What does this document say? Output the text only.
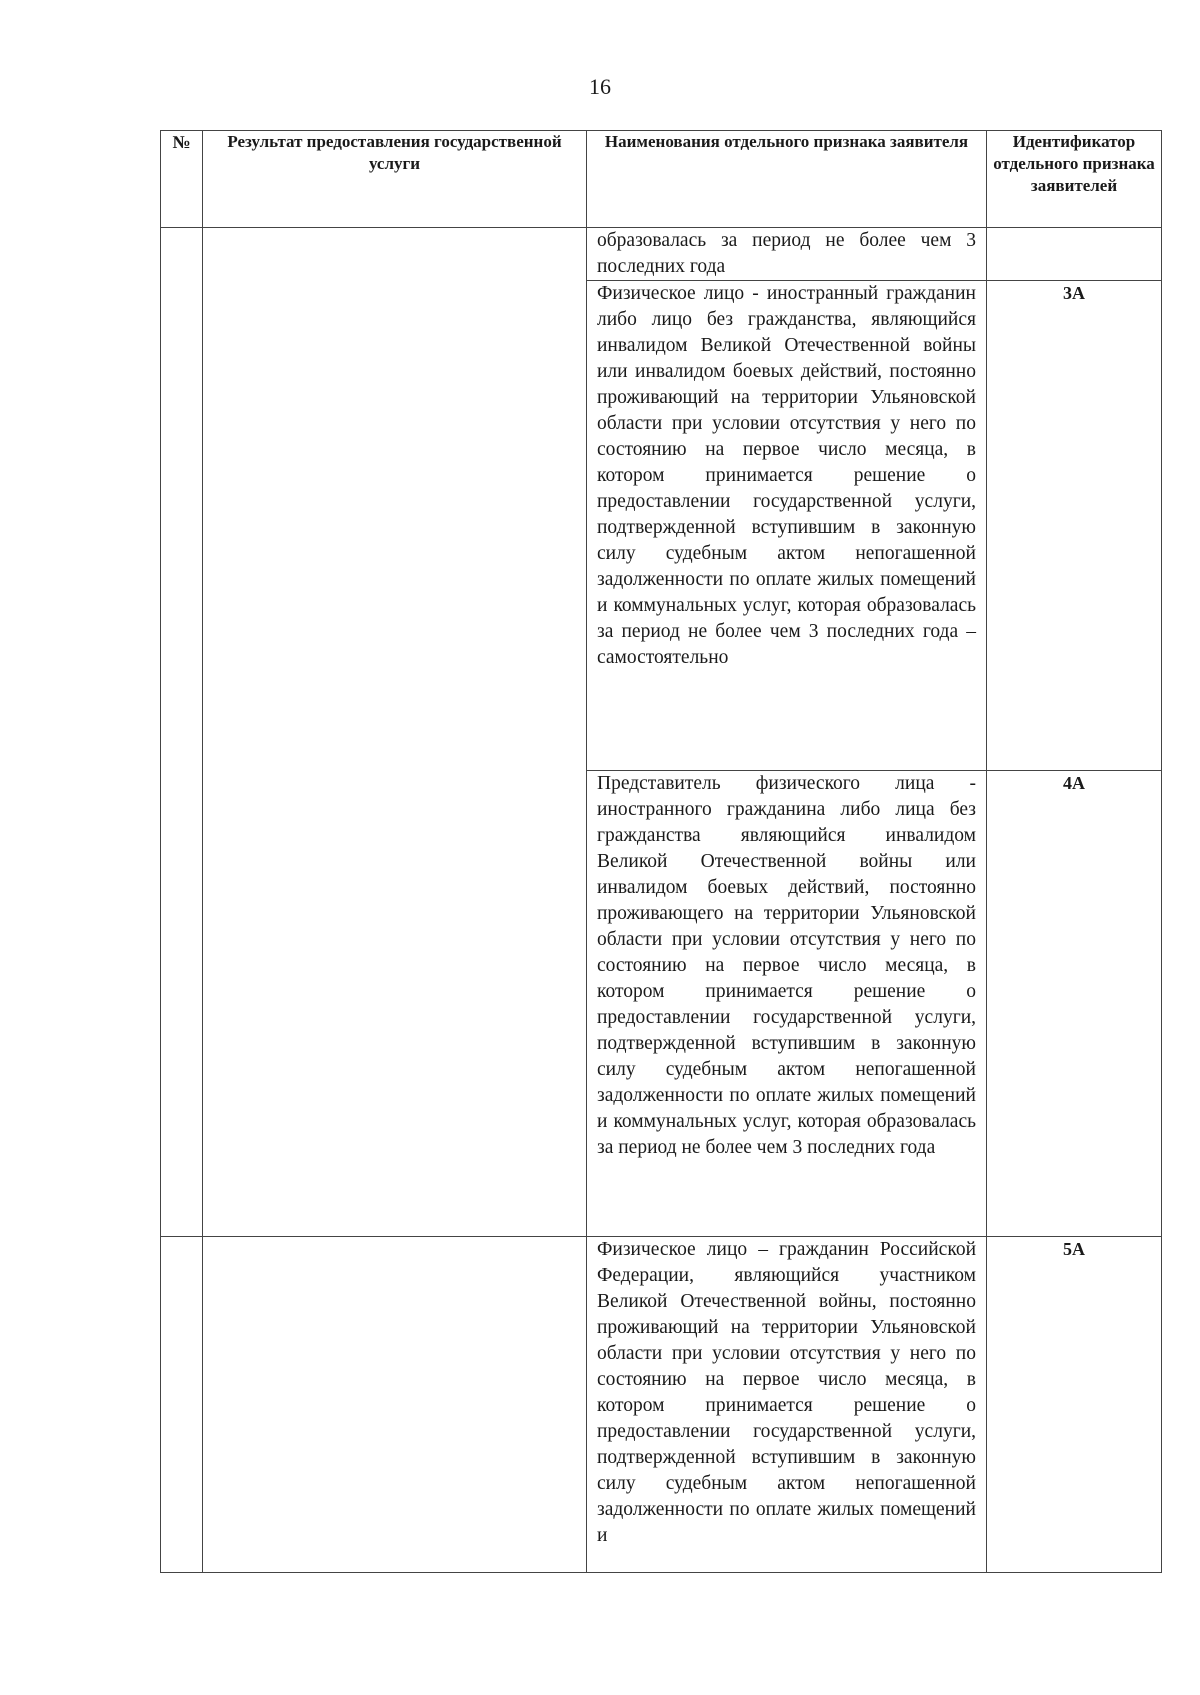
16
№	Результат предоставления государственной услуги	Наименования отдельного признака заявителя	Идентификатор отдельного признака заявителей

		образовалась за период не более чем 3 последних года	

		Физическое лицо - иностранный гражданин либо лицо без гражданства, являющийся инвалидом Великой Отечественной войны или инвалидом боевых действий, постоянно проживающий на территории Ульяновской области при условии отсутствия у него по состоянию на первое число месяца, в котором принимается решение о предоставлении государственной услуги, подтвержденной вступившим в законную силу судебным актом непогашенной задолженности по оплате жилых помещений и коммунальных услуг, которая образовалась за период не более чем 3 последних года – самостоятельно	3А

		Представитель физического лица - иностранного гражданина либо лица без гражданства являющийся инвалидом Великой Отечественной войны или инвалидом боевых действий, постоянно проживающего на территории Ульяновской области при условии отсутствия у него по состоянию на первое число месяца, в котором принимается решение о предоставлении государственной услуги, подтвержденной вступившим в законную силу судебным актом непогашенной задолженности по оплате жилых помещений и коммунальных услуг, которая образовалась за период не более чем 3 последних года	4А

		Физическое лицо – гражданин Российской Федерации, являющийся участником Великой Отечественной войны, постоянно проживающий на территории Ульяновской области при условии отсутствия у него по состоянию на первое число месяца, в котором принимается решение о предоставлении государственной услуги, подтвержденной вступившим в законную силу судебным актом непогашенной задолженности по оплате жилых помещений и	5А
